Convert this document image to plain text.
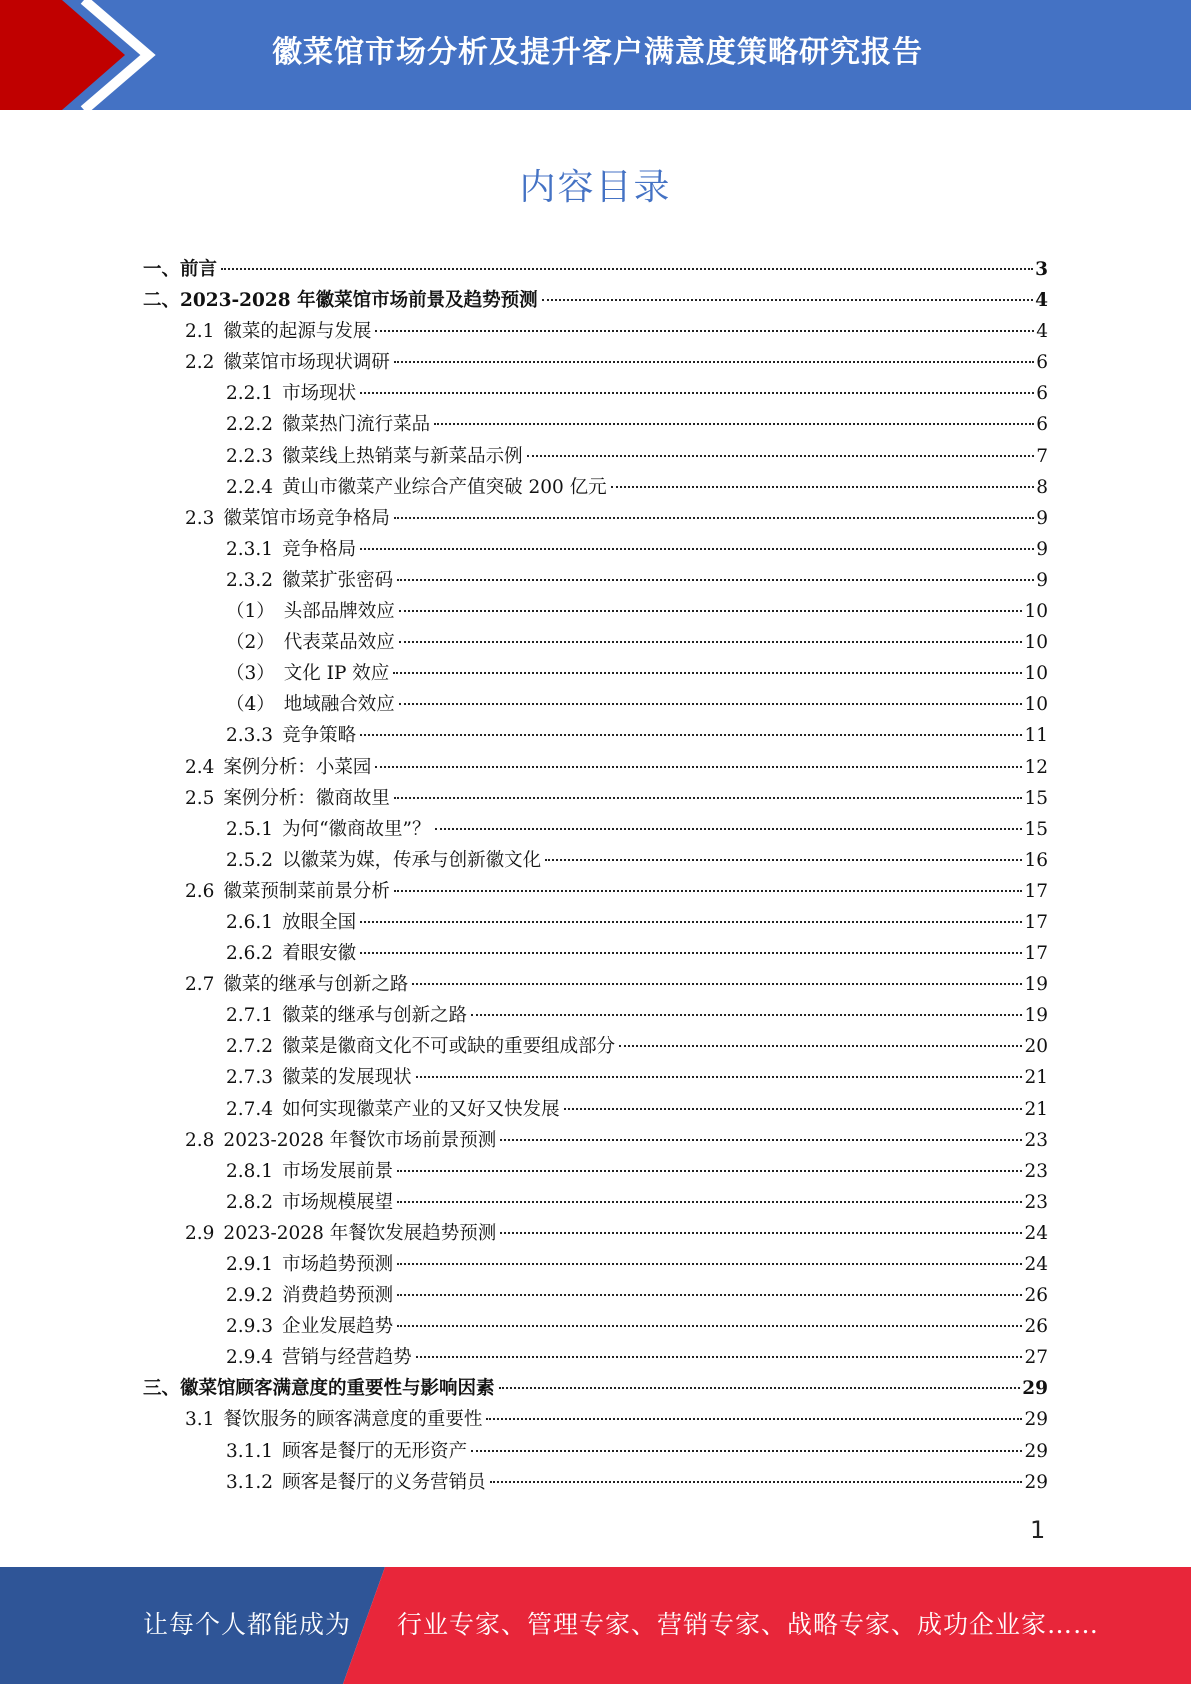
徽菜馆市场分析及提升客户满意度策略研究报告
内容目录
一、 前言	3
二、 2023-2028 年徽菜馆市场前景及趋势预测	4
2.1 徽菜的起源与发展	4
2.2 徽菜馆市场现状调研	6
2.2.1 市场现状	6
2.2.2 徽菜热门流行菜品	6
2.2.3 徽菜线上热销菜与新菜品示例	7
2.2.4 黄山市徽菜产业综合产值突破 200 亿元	8
2.3 徽菜馆市场竞争格局	9
2.3.1 竞争格局	9
2.3.2 徽菜扩张密码	9
（1） 头部品牌效应	10
（2） 代表菜品效应	10
（3） 文化 IP 效应	10
（4） 地域融合效应	10
2.3.3 竞争策略	11
2.4 案例分析：小菜园	12
2.5 案例分析：徽商故里	15
2.5.1 为何“徽商故里”？	15
2.5.2 以徽菜为媒，传承与创新徽文化	16
2.6 徽菜预制菜前景分析	17
2.6.1 放眼全国	17
2.6.2 着眼安徽	17
2.7 徽菜的继承与创新之路	19
2.7.1 徽菜的继承与创新之路	19
2.7.2 徽菜是徽商文化不可或缺的重要组成部分	20
2.7.3 徽菜的发展现状	21
2.7.4 如何实现徽菜产业的又好又快发展	21
2.8 2023-2028 年餐饮市场前景预测	23
2.8.1 市场发展前景	23
2.8.2 市场规模展望	23
2.9 2023-2028 年餐饮发展趋势预测	24
2.9.1 市场趋势预测	24
2.9.2 消费趋势预测	26
2.9.3 企业发展趋势	26
2.9.4 营销与经营趋势	27
三、 徽菜馆顾客满意度的重要性与影响因素	29
3.1 餐饮服务的顾客满意度的重要性	29
3.1.1 顾客是餐厅的无形资产	29
3.1.2 顾客是餐厅的义务营销员	29
1
让每个人都能成为 行业专家、管理专家、营销专家、战略专家、成功企业家……
